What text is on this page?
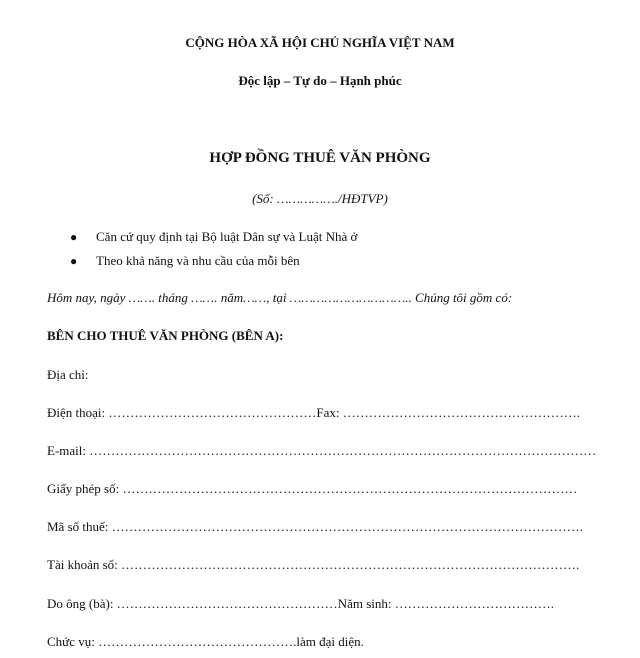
CỘNG HÒA XÃ HỘI CHỦ NGHĨA VIỆT NAM
Độc lập – Tự do – Hạnh phúc
HỢP ĐỒNG THUÊ VĂN PHÒNG
(Số: ……………./HĐTVP)
● Căn cứ quy định tại Bộ luật Dân sự và Luật Nhà ở
● Theo khả năng và nhu cầu của mỗi bên
Hôm nay, ngày ……. tháng ……. năm……, tại ………………………….. Chúng tôi gồm có:
BÊN CHO THUÊ VĂN PHÒNG (BÊN A):
Địa chỉ:
Điện thoại: …………………………………………Fax: ……………………………………………….
E-mail: ………………………………………………………………………………………………………
Giấy phép số: ……………………………………………………………………………………………
Mã số thuế: ……………………………………………………………………………………………….
Tài khoản số: …………………………………………………………………………………………….
Do ông (bà): ……………………………………………Năm sinh: ……………………………….
Chức vụ: ……………………………………….làm đại diện.
